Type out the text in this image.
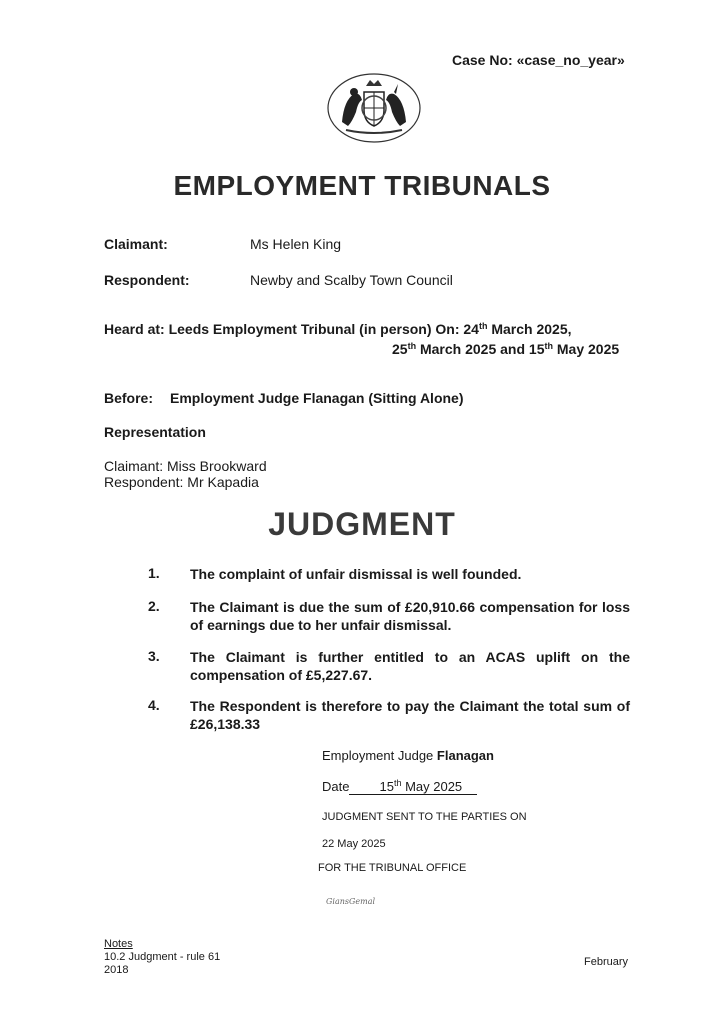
Case No: «case_no_year»
EMPLOYMENT TRIBUNALS
Claimant:	Ms Helen King
Respondent:	Newby and Scalby Town Council
Heard at: Leeds Employment Tribunal (in person) On: 24th March 2025,
25th March 2025 and 15th May 2025
Before: Employment Judge Flanagan (Sitting Alone)
Representation
Claimant: Miss Brookward
Respondent: Mr Kapadia
JUDGMENT
1.	The complaint of unfair dismissal is well founded.
2.	The Claimant is due the sum of £20,910.66 compensation for loss of earnings due to her unfair dismissal.
3.	The Claimant is further entitled to an ACAS uplift on the compensation of £5,227.67.
4.	The Respondent is therefore to pay the Claimant the total sum of £26,138.33
Employment Judge Flanagan
Date 15th May 2025
JUDGMENT SENT TO THE PARTIES ON
22 May 2025
FOR THE TRIBUNAL OFFICE
GiansGemal
Notes
10.2 Judgment - rule 61
2018
February
